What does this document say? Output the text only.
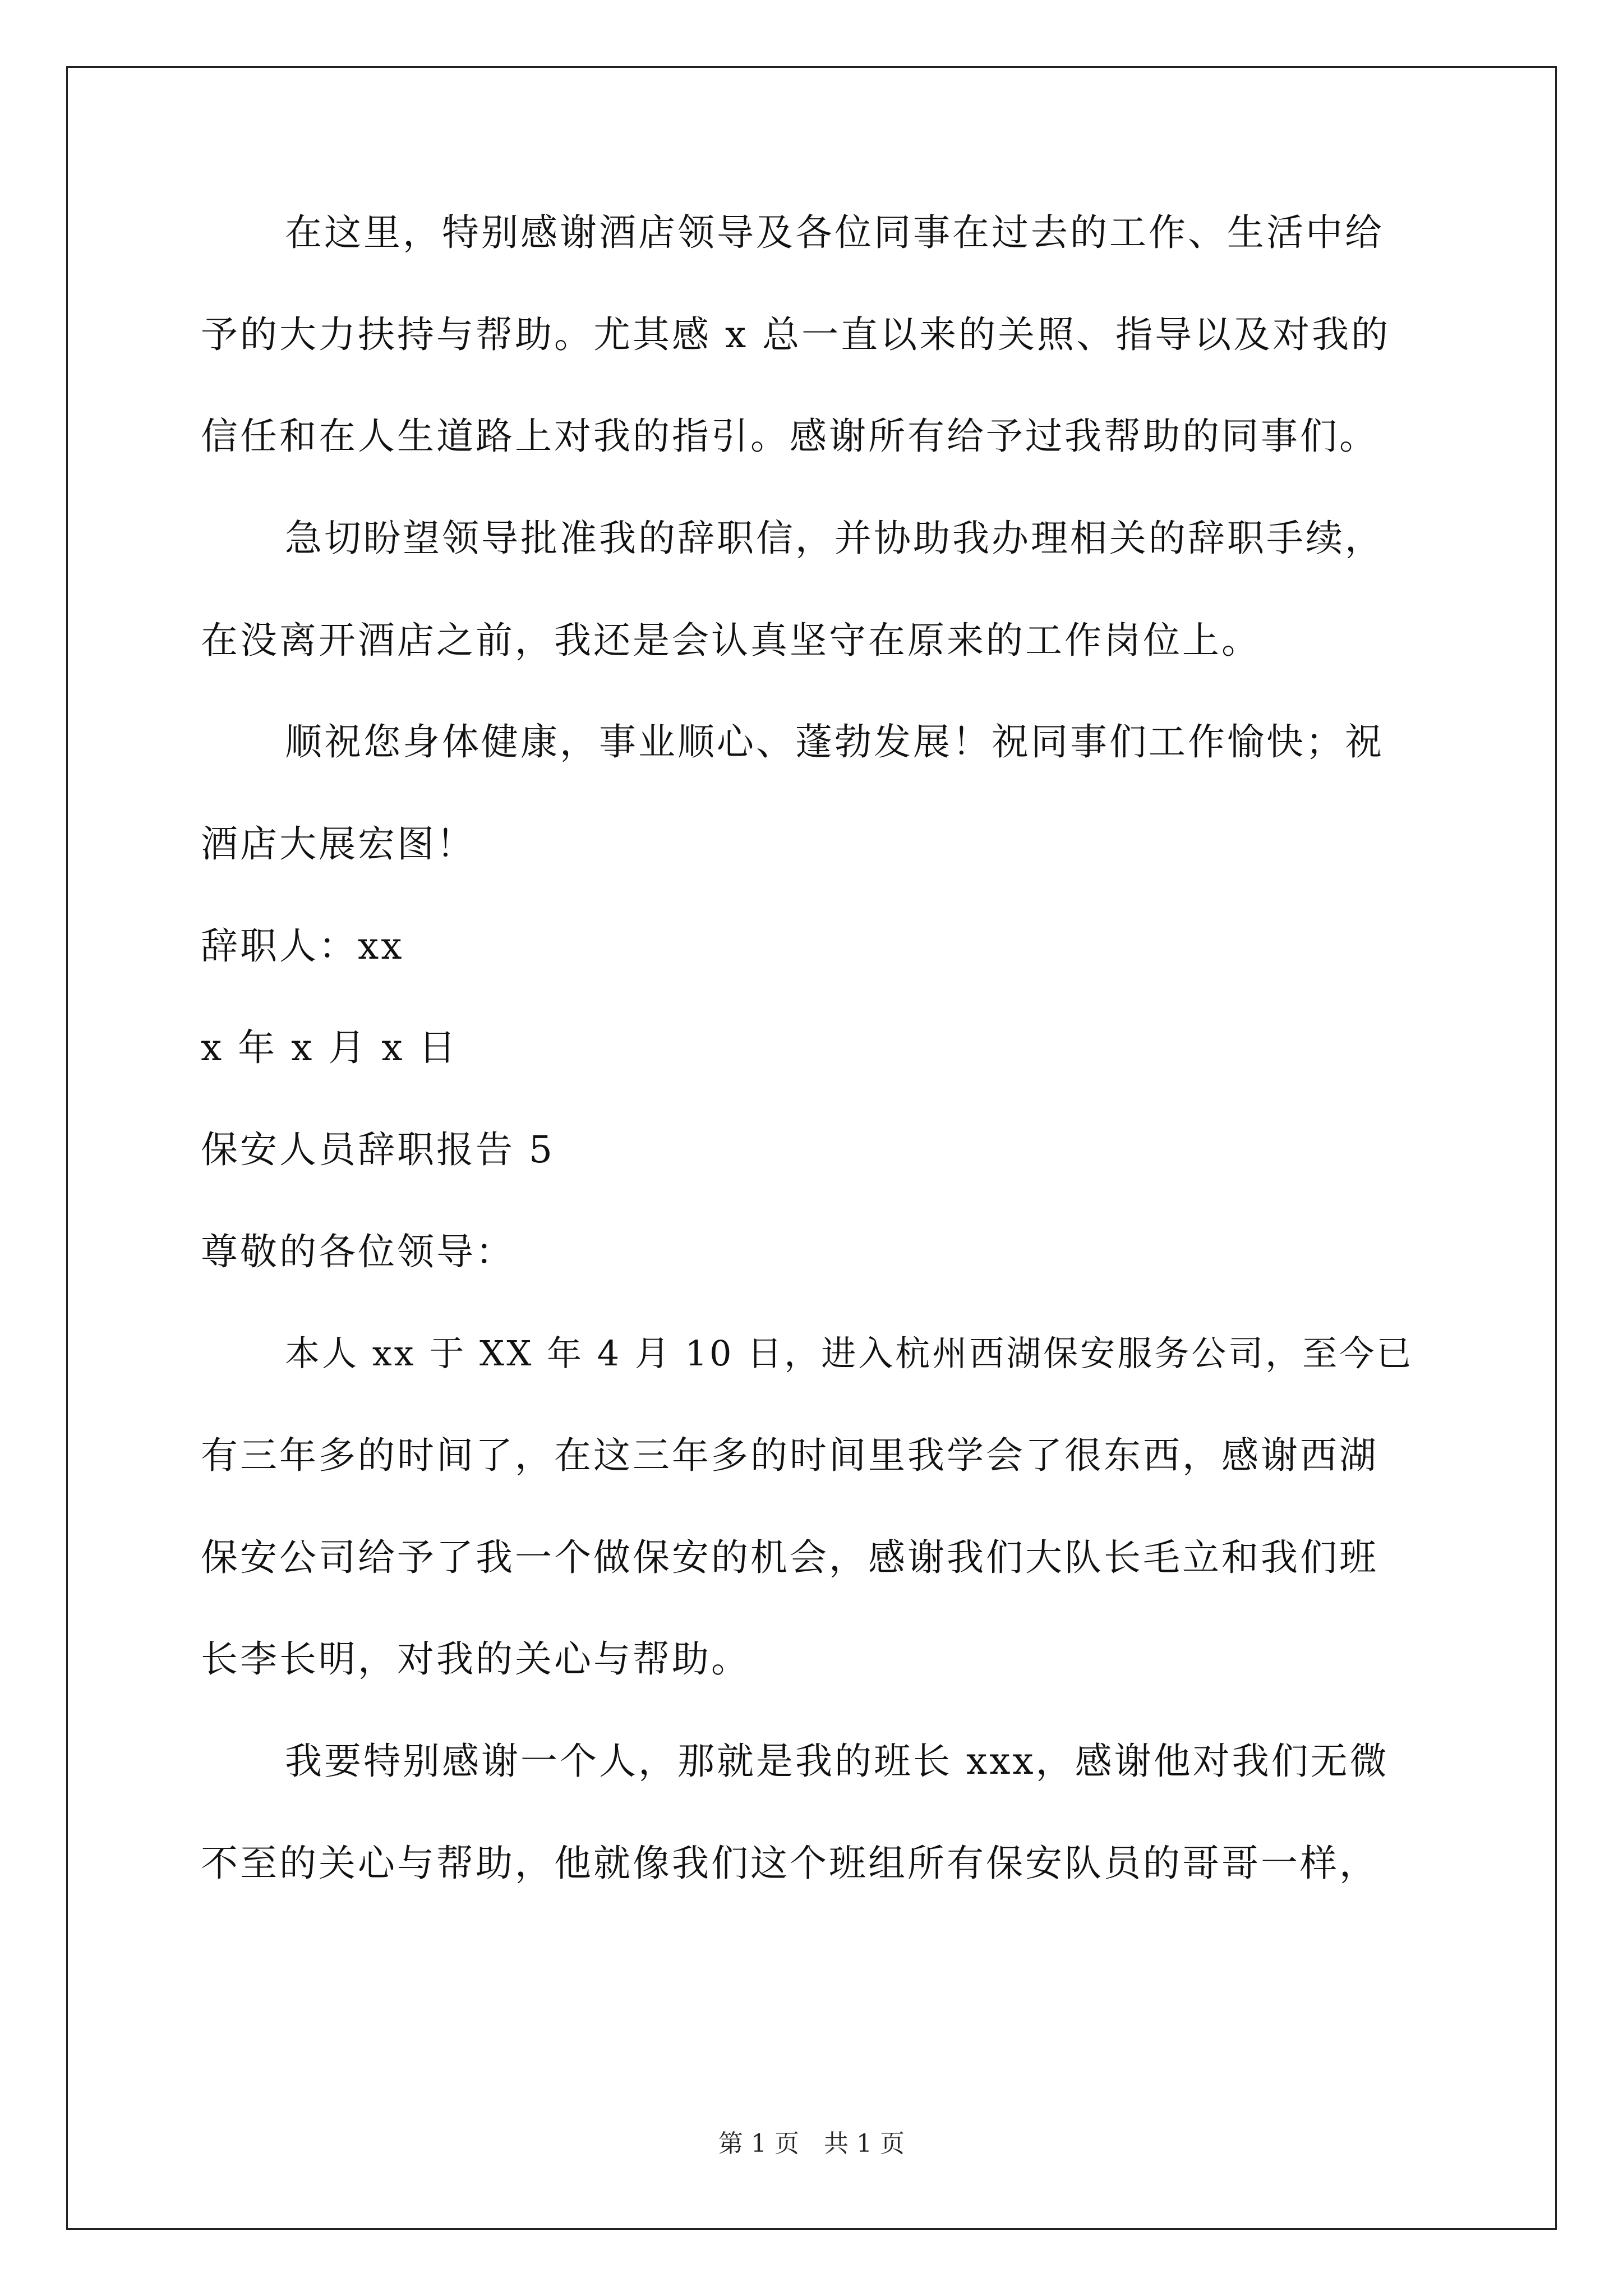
在这里，特别感谢酒店领导及各位同事在过去的工作、生活中给

予的大力扶持与帮助。尤其感 x 总一直以来的关照、指导以及对我的

信任和在人生道路上对我的指引。感谢所有给予过我帮助的同事们。

急切盼望领导批准我的辞职信，并协助我办理相关的辞职手续，

在没离开酒店之前，我还是会认真坚守在原来的工作岗位上。

顺祝您身体健康，事业顺心、蓬勃发展！祝同事们工作愉快；祝

酒店大展宏图！

辞职人：xx

x 年 x 月 x 日

保安人员辞职报告 5

尊敬的各位领导：

本人 xx 于 XX 年 4 月 10 日，进入杭州西湖保安服务公司，至今已

有三年多的时间了，在这三年多的时间里我学会了很东西，感谢西湖

保安公司给予了我一个做保安的机会，感谢我们大队长毛立和我们班

长李长明，对我的关心与帮助。

我要特别感谢一个人，那就是我的班长 xxx，感谢他对我们无微

不至的关心与帮助，他就像我们这个班组所有保安队员的哥哥一样，

第 1 页　共 1 页
